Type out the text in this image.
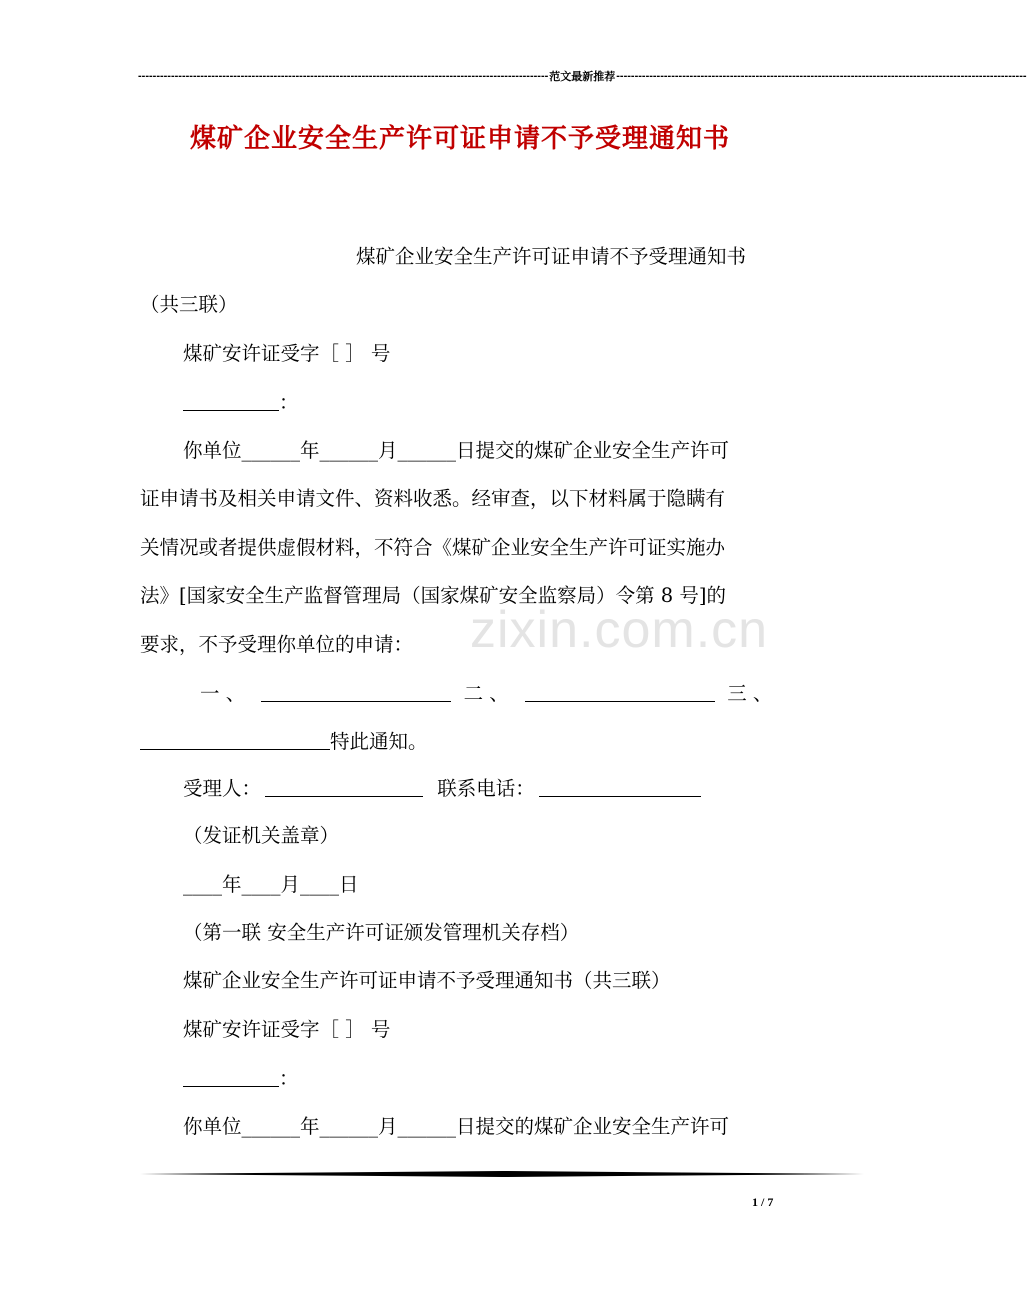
---------------------------------------------------------------------------------------------------------------- 范文最新推荐 ----------------------------------------------------------------------------------------------------------------
煤矿企业安全生产许可证申请不予受理通知书
zixin.com.cn
煤矿企业安全生产许可证申请不予受理通知书
（共三联）
煤矿安许证受字［ ］ 号
：
你单位______年______月______日提交的煤矿企业安全生产许可
证申请书及相关申请文件、资料收悉。经审查，以下材料属于隐瞒有
关情况或者提供虚假材料，不符合《煤矿企业安全生产许可证实施办
法》[国家安全生产监督管理局（国家煤矿安全监察局）令第 8 号]的
要求，不予受理你单位的申请：
一 、	二 、	三 、
特此通知。
受理人：	联系电话：
（发证机关盖章）
____年____月____日
（第一联 安全生产许可证颁发管理机关存档）
煤矿企业安全生产许可证申请不予受理通知书（共三联）
煤矿安许证受字［ ］ 号
：
你单位______年______月______日提交的煤矿企业安全生产许可
1 / 7
